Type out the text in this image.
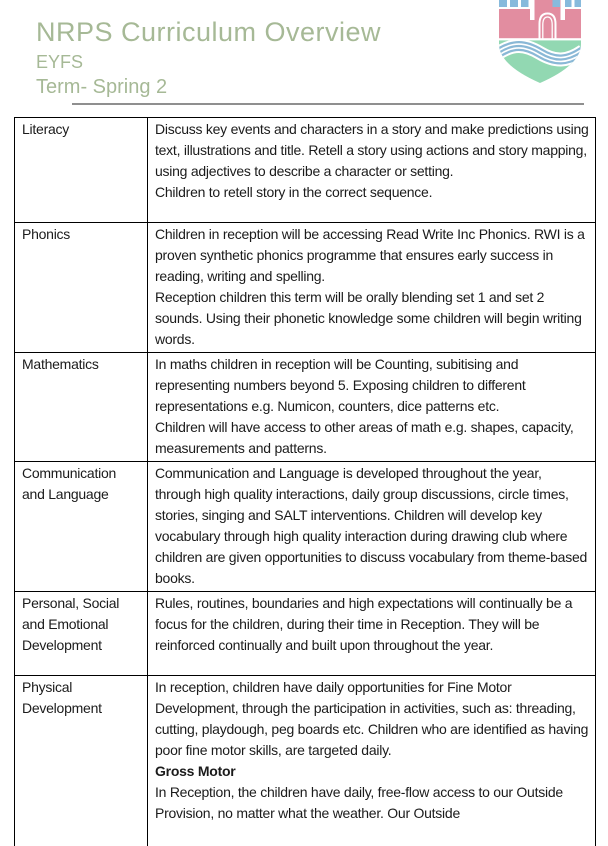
NRPS Curriculum Overview
EYFS
Term- Spring 2

Literacy	Discuss key events and characters in a story and make predictions using text, illustrations and title. Retell a story using actions and story mapping, using adjectives to describe a character or setting.

Children to retell story in the correct sequence.

Phonics	Children in reception will be accessing Read Write Inc Phonics. RWI is a proven synthetic phonics programme that ensures early success in reading, writing and spelling.

Reception children this term will be orally blending set 1 and set 2 sounds. Using their phonetic knowledge some children will begin writing words.

Mathematics	In maths children in reception will be Counting, subitising and representing numbers beyond 5. Exposing children to different representations e.g. Numicon, counters, dice patterns etc.

Children will have access to other areas of math e.g. shapes, capacity, measurements and patterns.

Communication and Language	Communication and Language is developed throughout the year, through high quality interactions, daily group discussions, circle times, stories, singing and SALT interventions. Children will develop key vocabulary through high quality interaction during drawing club where children are given opportunities to discuss vocabulary from theme-based books.

Personal, Social and Emotional Development	Rules, routines, boundaries and high expectations will continually be a focus for the children, during their time in Reception. They will be reinforced continually and built upon throughout the year.

Physical Development	In reception, children have daily opportunities for Fine Motor Development, through the participation in activities, such as: threading, cutting, playdough, peg boards etc. Children who are identified as having poor fine motor skills, are targeted daily.

Gross Motor

In Reception, the children have daily, free-flow access to our Outside Provision, no matter what the weather. Our Outside
